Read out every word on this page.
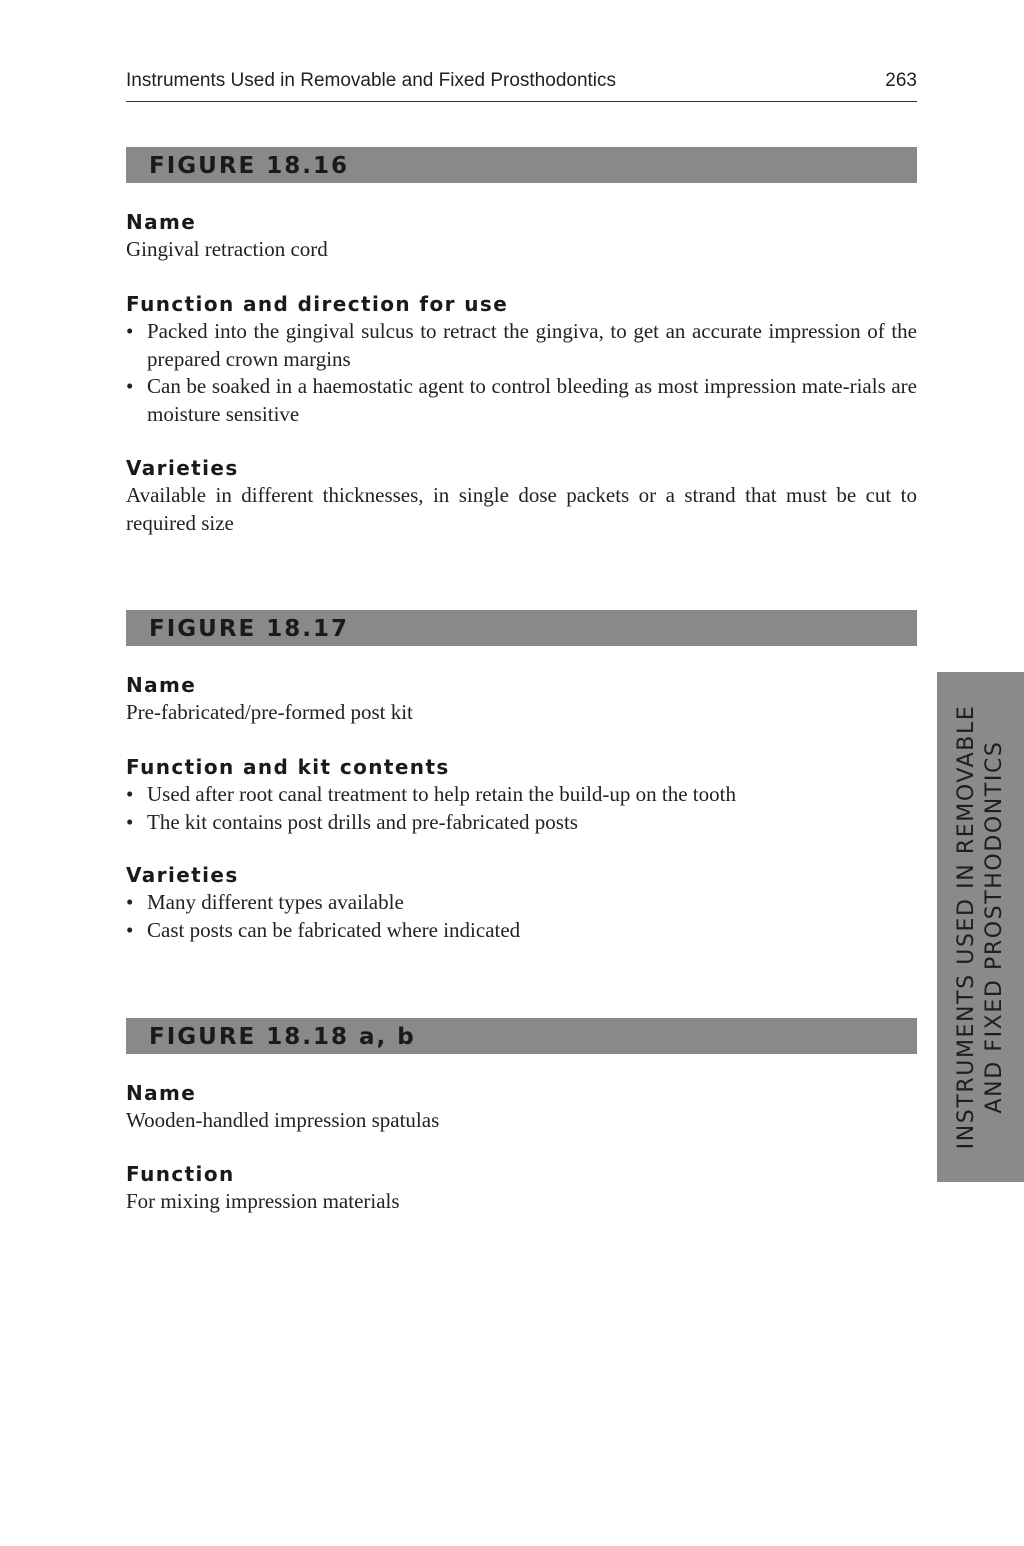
Instruments Used in Removable and Fixed Prosthodontics	263
FIGURE 18.16
Name

Gingival retraction cord

Function and direction for use
• Packed into the gingival sulcus to retract the gingiva, to get an accurate impression of the prepared crown margins
• Can be soaked in a haemostatic agent to control bleeding as most impression mate-rials are moisture sensitive
Varieties

Available in different thicknesses, in single dose packets or a strand that must be cut to required size

FIGURE 18.17
Name

Pre-fabricated/pre-formed post kit

Function and kit contents
• Used after root canal treatment to help retain the build-up on the tooth
• The kit contains post drills and pre-fabricated posts
Varieties
• Many different types available
• Cast posts can be fabricated where indicated
FIGURE 18.18 a, b
Name

Wooden-handled impression spatulas

Function

For mixing impression materials

INSTRUMENTS USED IN REMOVABLE AND FIXED PROSTHODONTICS
